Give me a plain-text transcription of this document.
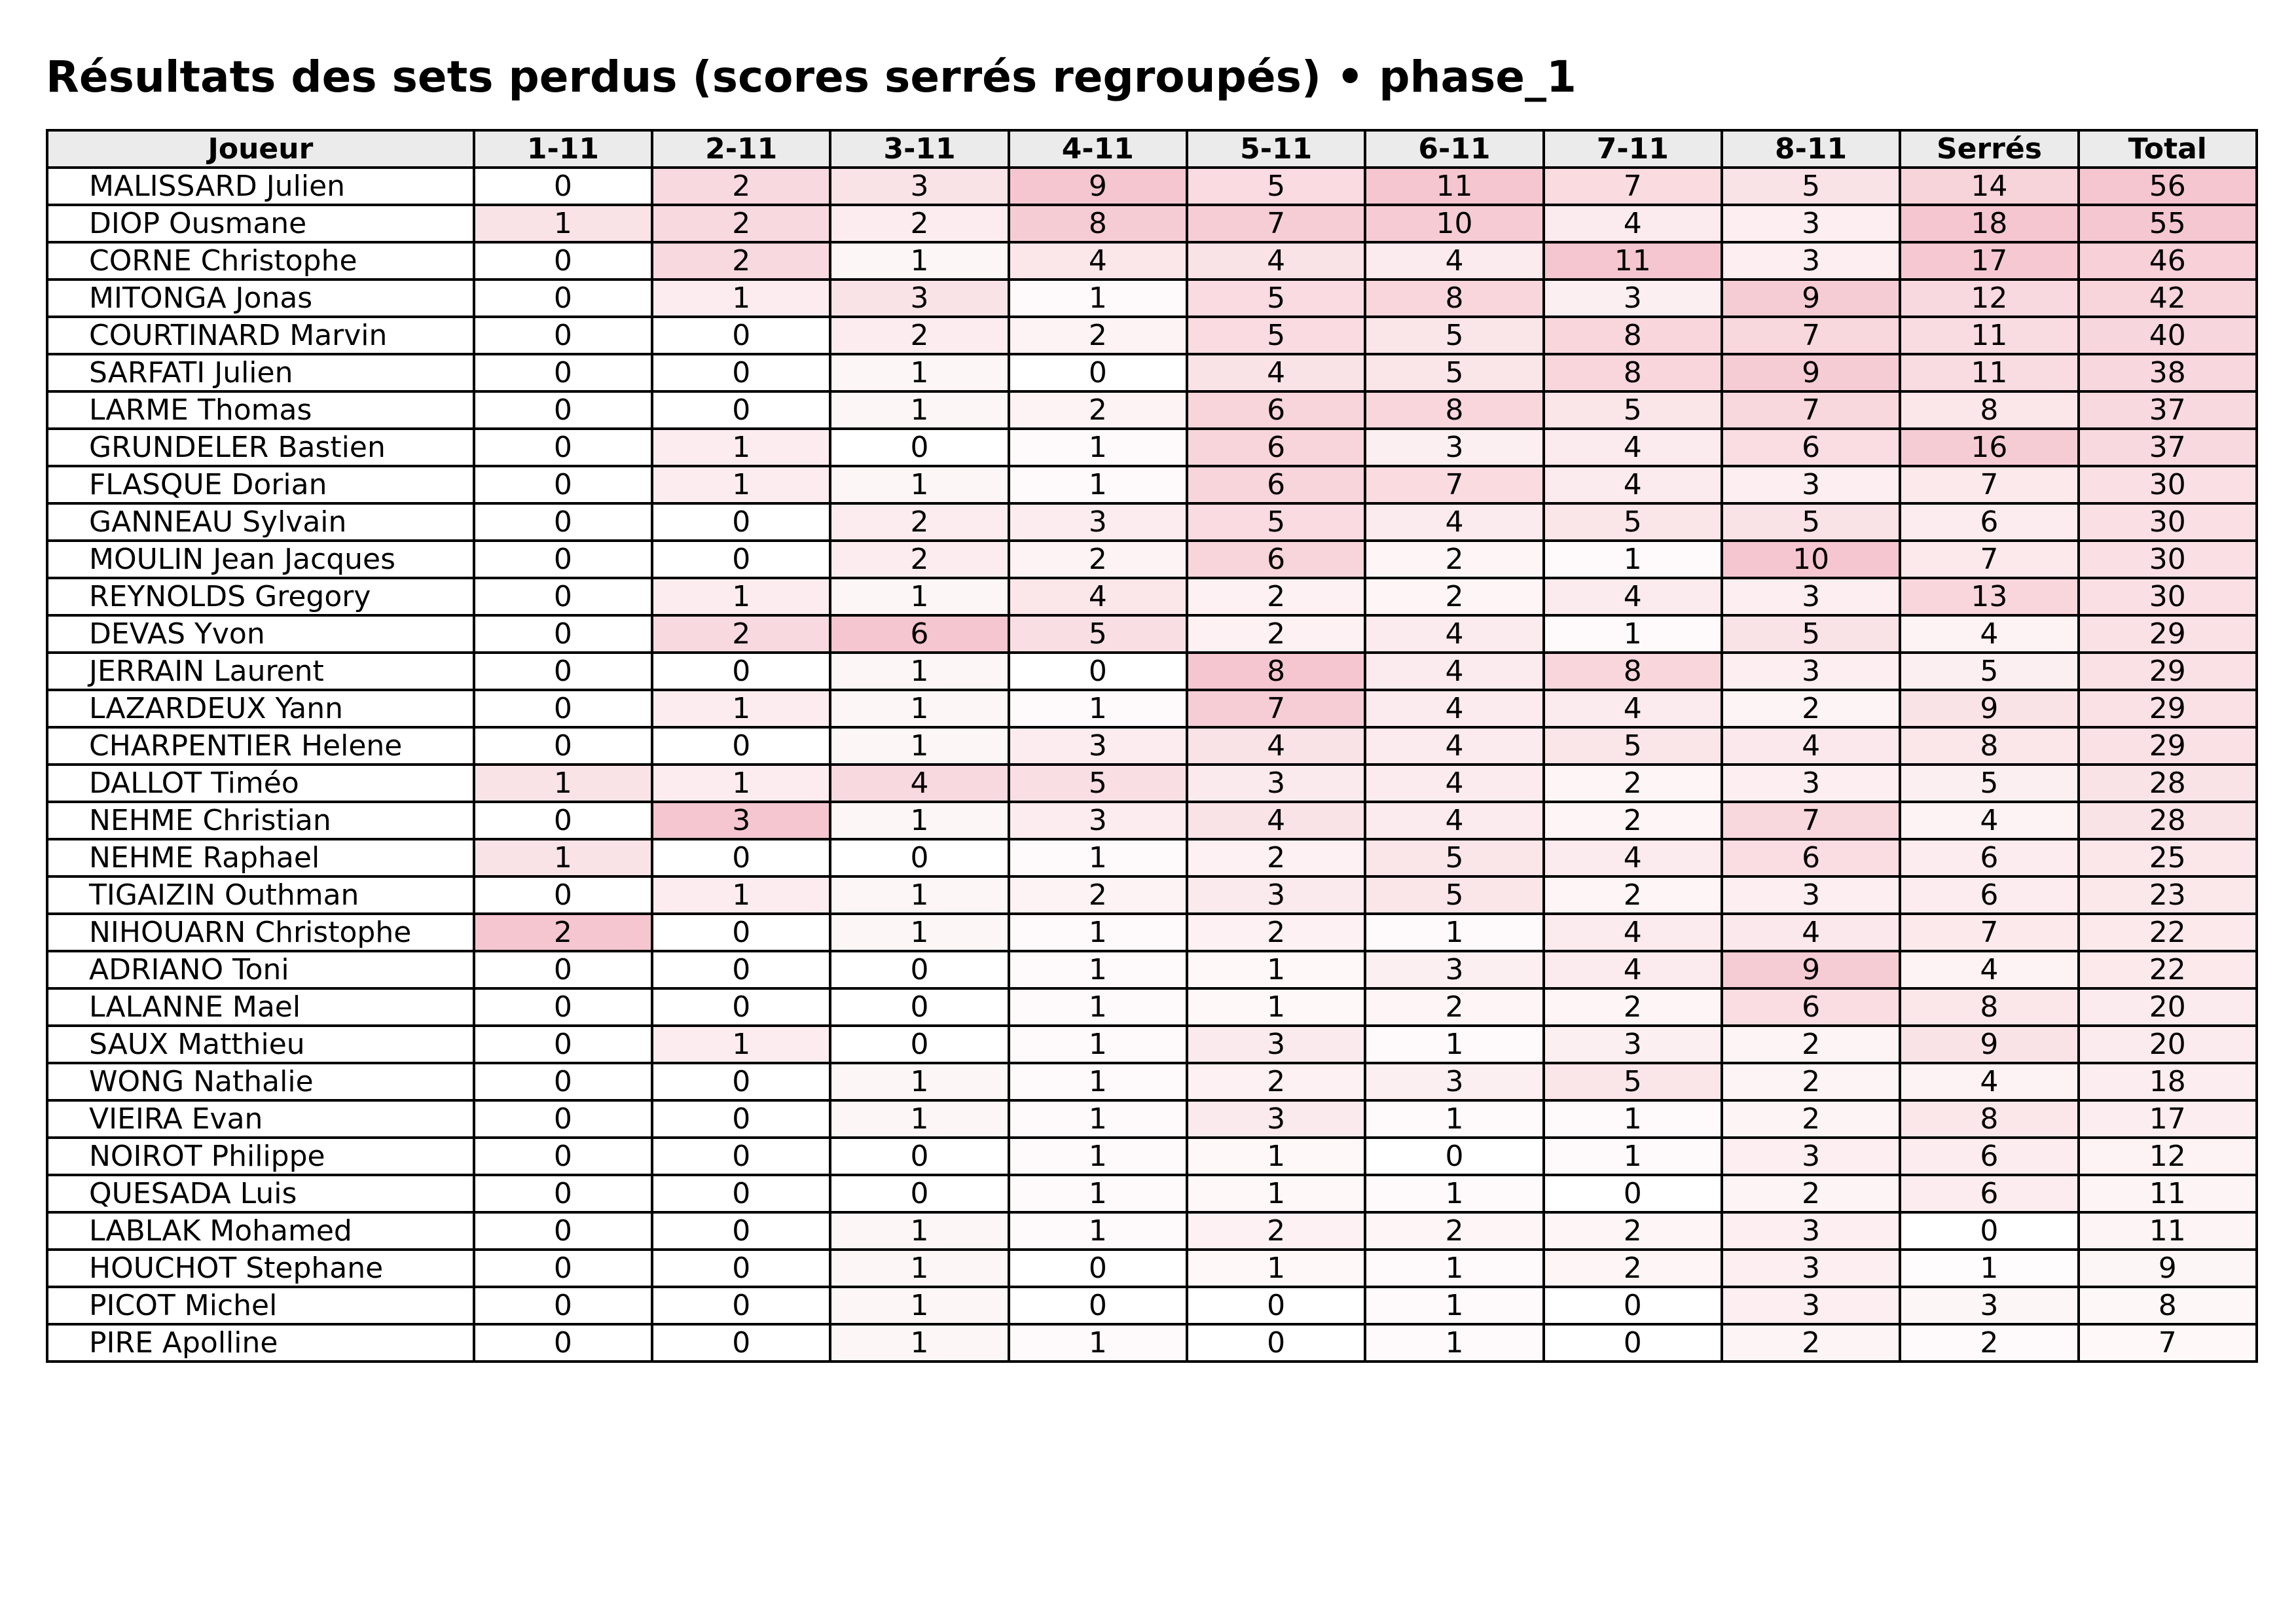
Résultats des sets perdus (scores serrés regroupés) • phase_1
Joueur	1-11	2-11	3-11	4-11	5-11	6-11	7-11	8-11	Serrés	Total
MALISSARD Julien	0	2	3	9	5	11	7	5	14	56
DIOP Ousmane	1	2	2	8	7	10	4	3	18	55
CORNE Christophe	0	2	1	4	4	4	11	3	17	46
MITONGA Jonas	0	1	3	1	5	8	3	9	12	42
COURTINARD Marvin	0	0	2	2	5	5	8	7	11	40
SARFATI Julien	0	0	1	0	4	5	8	9	11	38
LARME Thomas	0	0	1	2	6	8	5	7	8	37
GRUNDELER Bastien	0	1	0	1	6	3	4	6	16	37
FLASQUE Dorian	0	1	1	1	6	7	4	3	7	30
GANNEAU Sylvain	0	0	2	3	5	4	5	5	6	30
MOULIN Jean Jacques	0	0	2	2	6	2	1	10	7	30
REYNOLDS Gregory	0	1	1	4	2	2	4	3	13	30
DEVAS Yvon	0	2	6	5	2	4	1	5	4	29
JERRAIN Laurent	0	0	1	0	8	4	8	3	5	29
LAZARDEUX Yann	0	1	1	1	7	4	4	2	9	29
CHARPENTIER Helene	0	0	1	3	4	4	5	4	8	29
DALLOT Timéo	1	1	4	5	3	4	2	3	5	28
NEHME Christian	0	3	1	3	4	4	2	7	4	28
NEHME Raphael	1	0	0	1	2	5	4	6	6	25
TIGAIZIN Outhman	0	1	1	2	3	5	2	3	6	23
NIHOUARN Christophe	2	0	1	1	2	1	4	4	7	22
ADRIANO Toni	0	0	0	1	1	3	4	9	4	22
LALANNE Mael	0	0	0	1	1	2	2	6	8	20
SAUX Matthieu	0	1	0	1	3	1	3	2	9	20
WONG Nathalie	0	0	1	1	2	3	5	2	4	18
VIEIRA Evan	0	0	1	1	3	1	1	2	8	17
NOIROT Philippe	0	0	0	1	1	0	1	3	6	12
QUESADA Luis	0	0	0	1	1	1	0	2	6	11
LABLAK Mohamed	0	0	1	1	2	2	2	3	0	11
HOUCHOT Stephane	0	0	1	0	1	1	2	3	1	9
PICOT Michel	0	0	1	0	0	1	0	3	3	8
PIRE Apolline	0	0	1	1	0	1	0	2	2	7
